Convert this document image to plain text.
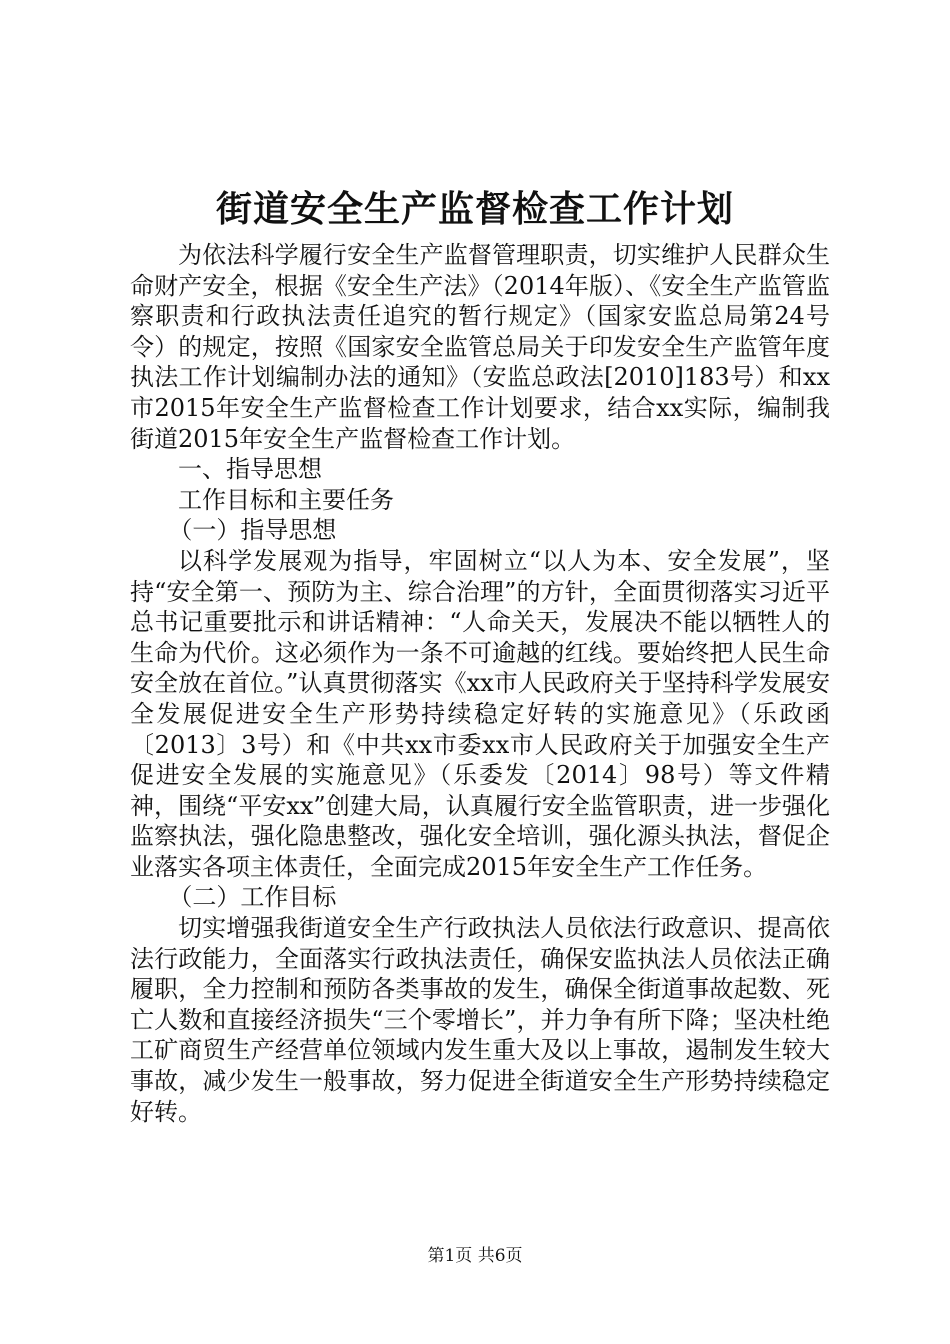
街道安全生产监督检查工作计划

为依法科学履行安全生产监督管理职责，切实维护人民群众生命财产安全，根据《安全生产法》（2014年版）、《安全生产监管监察职责和行政执法责任追究的暂行规定》（国家安监总局第24号令）的规定，按照《国家安全监管总局关于印发安全生产监管年度执法工作计划编制办法的通知》（安监总政法[2010]183号）和xx市2015年安全生产监督检查工作计划要求，结合xx实际，编制我街道2015年安全生产监督检查工作计划。

一、指导思想

工作目标和主要任务

（一）指导思想

以科学发展观为指导，牢固树立“以人为本、安全发展”，坚持“安全第一、预防为主、综合治理”的方针，全面贯彻落实习近平总书记重要批示和讲话精神：“人命关天，发展决不能以牺牲人的生命为代价。这必须作为一条不可逾越的红线。要始终把人民生命安全放在首位。”认真贯彻落实《xx市人民政府关于坚持科学发展安全发展促进安全生产形势持续稳定好转的实施意见》（乐政函〔2013〕3号）和《中共xx市委xx市人民政府关于加强安全生产促进安全发展的实施意见》（乐委发〔2014〕98号）等文件精神，围绕“平安xx”创建大局，认真履行安全监管职责，进一步强化监察执法，强化隐患整改，强化安全培训，强化源头执法，督促企业落实各项主体责任，全面完成2015年安全生产工作任务。

（二）工作目标

切实增强我街道安全生产行政执法人员依法行政意识、提高依法行政能力，全面落实行政执法责任，确保安监执法人员依法正确履职，全力控制和预防各类事故的发生，确保全街道事故起数、死亡人数和直接经济损失“三个零增长”，并力争有所下降；坚决杜绝工矿商贸生产经营单位领域内发生重大及以上事故，遏制发生较大事故，减少发生一般事故，努力促进全街道安全生产形势持续稳定好转。

第1页 共6页
